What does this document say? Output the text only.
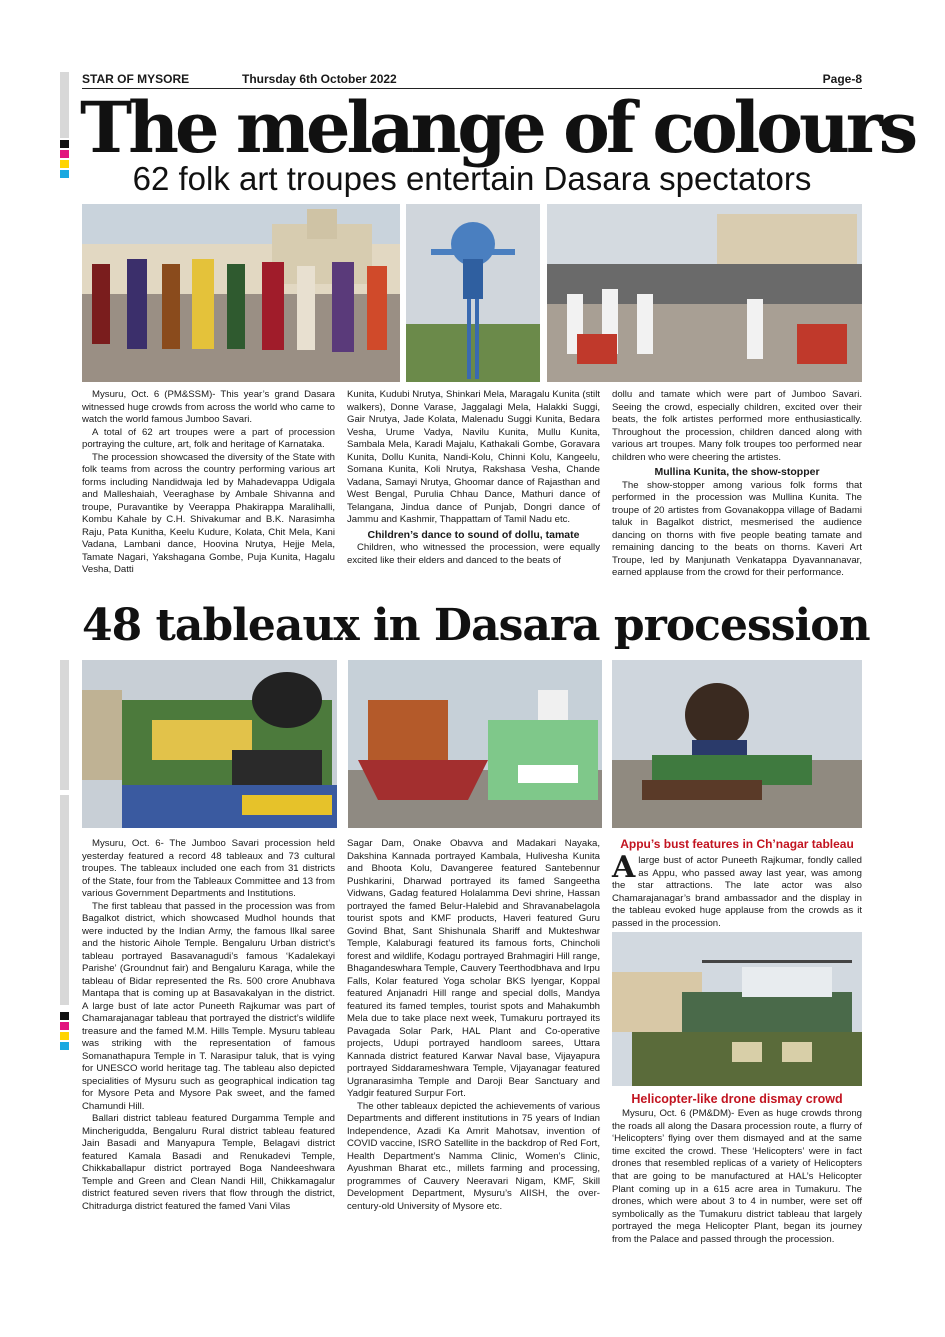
STAR OF MYSORE	Thursday 6th October 2022	Page-8
The melange of colours
62 folk art troupes entertain Dasara spectators

Mysuru, Oct. 6 (PM&SSM)- This year’s grand Dasara witnessed huge crowds from across the world who came to watch the world famous Jumboo Savari.

A total of 62 art troupes were a part of procession portraying the culture, art, folk and heritage of Karnataka.

The procession showcased the diversity of the State with folk teams from across the country performing various art forms including Nandidwaja led by Mahadevappa Udigala and Malleshaiah, Veeraghase by Ambale Shivanna and troupe, Puravantike by Veerappa Phakirappa Maralihalli, Kombu Kahale by C.H. Shivakumar and B.K. Narasimha Raju, Pata Kunitha, Keelu Kudure, Kolata, Chit Mela, Kani Vadana, Lambani dance, Hoovina Nrutya, Hejje Mela, Tamate Nagari, Yakshagana Gombe, Puja Kunita, Hagalu Vesha, Datti

Kunita, Kudubi Nrutya, Shinkari Mela, Maragalu Kunita (stilt walkers), Donne Varase, Jaggalagi Mela, Halakki Suggi, Gair Nrutya, Jade Kolata, Malenadu Suggi Kunita, Bedara Vesha, Urume Vadya, Navilu Kunita, Mullu Kunita, Sambala Mela, Karadi Majalu, Kathakali Gombe, Goravara Kunita, Dollu Kunita, Nandi-Kolu, Chinni Kolu, Kangeelu, Somana Kunita, Koli Nrutya, Rakshasa Vesha, Chande Vadana, Samayi Nrutya, Ghoomar dance of Rajasthan and West Bengal, Purulia Chhau Dance, Mathuri dance of Telangana, Jindua dance of Punjab, Dongri dance of Jammu and Kashmir, Thappattam of Tamil Nadu etc.

Children’s dance to sound of dollu, tamate

Children, who witnessed the procession, were equally excited like their elders and danced to the beats of

dollu and tamate which were part of Jumboo Savari. Seeing the crowd, especially children, excited over their beats, the folk artistes performed more enthusiastically. Throughout the procession, children danced along with various art troupes. Many folk troupes too performed near children who were cheering the artistes.

Mullina Kunita, the show-stopper

The show-stopper among various folk forms that performed in the procession was Mullina Kunita. The troupe of 20 artistes from Govanakoppa village of Badami taluk in Bagalkot district, mesmerised the audience dancing on thorns with five people beating tamate and remaining dancing to the beats on thorns. Kaveri Art Troupe, led by Manjunath Venkatappa Dyavannanavar, earned applause from the crowd for their performance.

48 tableaux in Dasara procession

Mysuru, Oct. 6- The Jumboo Savari procession held yesterday featured a record 48 tableaux and 73 cultural troupes. The tableaux included one each from 31 districts of the State, four from the Tableaux Committee and 13 from various Government Departments and Institutions.

The first tableau that passed in the procession was from Bagalkot district, which showcased Mudhol hounds that were inducted by the Indian Army, the famous Ilkal saree and the historic Aihole Temple. Bengaluru Urban district’s tableau portrayed Basavanagudi’s famous ‘Kadalekayi Parishe’ (Groundnut fair) and Bengaluru Karaga, while the tableau of Bidar represented the Rs. 500 crore Anubhava Mantapa that is coming up at Basavakalyan in the district. A large bust of late actor Puneeth Rajkumar was part of Chamarajanagar tableau that portrayed the district’s wildlife treasure and the famed M.M. Hills Temple. Mysuru tableau was striking with the representation of famous Somanathapura Temple in T. Narasipur taluk, that is vying for UNESCO world heritage tag. The tableau also depicted specialities of Mysuru such as geographical indication tag for Mysore Peta and Mysore Pak sweet, and the famed Chamundi Hill.

Ballari district tableau featured Durgamma Temple and Mincheriguddа, Bengaluru Rural district tableau featured Jain Basadi and Manyapura Temple, Belagavi district featured Kamala Basadi and Renukadevi Temple, Chikkaballapur district portrayed Boga Nandeeshwara Temple and Green and Clean Nandi Hill, Chikkamagalur district featured seven rivers that flow through the district, Chitradurga district featured the famed Vani Vilas

Sagar Dam, Onake Obavva and Madakari Nayaka, Dakshina Kannada portrayed Kambala, Hulivesha Kunita and Bhoota Kolu, Davangeree featured Santebennur Pushkarini, Dharwad portrayed its famed Sangeetha Vidwans, Gadag featured Holalamma Devi shrine, Hassan portrayed the famed Belur-Halebid and Shravanabelagola tourist spots and KMF products, Haveri featured Guru Govind Bhat, Sant Shishunala Shariff and Mukteshwar Temple, Kalaburagi featured its famous forts, Chincholi forest and wildlife, Kodagu portrayed Brahmagiri Hill range, Bhagandeswhara Temple, Cauvery Teerthodbhava and Irpu Falls, Kolar featured Yoga scholar BKS Iyengar, Koppal featured Anjanadri Hill range and special dolls, Mandya featured its famed temples, tourist spots and Mahakumbh Mela due to take place next week, Tumakuru portrayed its Pavagada Solar Park, HAL Plant and Co-operative projects, Udupi portrayed handloom sarees, Uttara Kannada district featured Karwar Naval base, Vijayapura portrayed Siddarameshwara Temple, Vijayanagar featured Ugranarasimha Temple and Daroji Bear Sanctuary and Yadgir featured Surpur Fort.

The other tableaux depicted the achievements of various Departments and different institutions in 75 years of Indian Independence, Azadi Ka Amrit Mahotsav, invention of COVID vaccine, ISRO Satellite in the backdrop of Red Fort, Health Department’s Namma Clinic, Women’s Clinic, Ayushman Bharat etc., millets farming and processing, programmes of Cauvery Neeravari Nigam, KMF, Skill Development Department, Mysuru’s AIISH, the over-century-old University of Mysore etc.

Appu’s bust features in Ch’nagar tableau

Alarge bust of actor Puneeth Rajkumar, fondly called as Appu, who passed away last year, was among the star attractions. The late actor was also Chamarajanagar’s brand ambassador and the display in the tableau evoked huge applause from the crowds as it passed in the procession.

Helicopter-like drone dismay crowd

Mysuru, Oct. 6 (PM&DM)- Even as huge crowds throng the roads all along the Dasara procession route, a flurry of ‘Helicopters’ flying over them dismayed and at the same time excited the crowd. These ‘Helicopters’ were in fact drones that resembled replicas of a variety of Helicopters that are going to be manufactured at HAL’s Helicopter Plant coming up in a 615 acre area in Tumakuru. The drones, which were about 3 to 4 in number, were set off symbolically as the Tumakuru district tableau that largely portrayed the mega Helicopter Plant, began its journey from the Palace and passed through the procession.
